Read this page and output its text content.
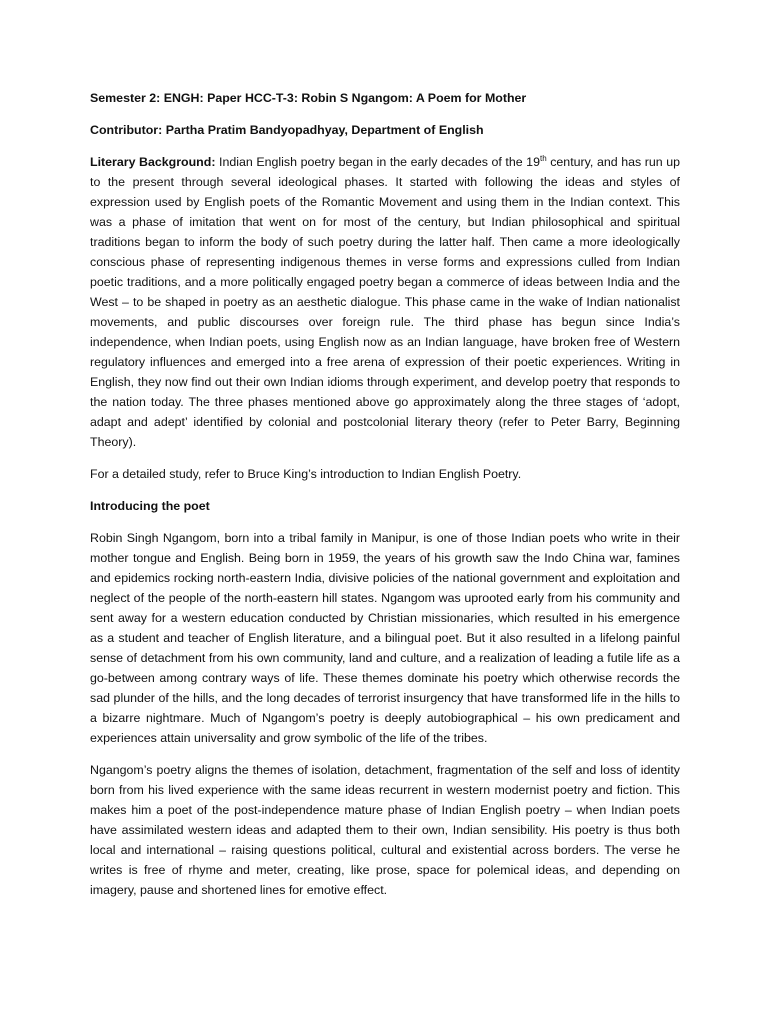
Semester 2: ENGH: Paper HCC-T-3: Robin S Ngangom: A Poem for Mother

Contributor: Partha Pratim Bandyopadhyay, Department of English

Literary Background: Indian English poetry began in the early decades of the 19th century, and has run up to the present through several ideological phases. It started with following the ideas and styles of expression used by English poets of the Romantic Movement and using them in the Indian context. This was a phase of imitation that went on for most of the century, but Indian philosophical and spiritual traditions began to inform the body of such poetry during the latter half. Then came a more ideologically conscious phase of representing indigenous themes in verse forms and expressions culled from Indian poetic traditions, and a more politically engaged poetry began a commerce of ideas between India and the West – to be shaped in poetry as an aesthetic dialogue. This phase came in the wake of Indian nationalist movements, and public discourses over foreign rule. The third phase has begun since India’s independence, when Indian poets, using English now as an Indian language, have broken free of Western regulatory influences and emerged into a free arena of expression of their poetic experiences. Writing in English, they now find out their own Indian idioms through experiment, and develop poetry that responds to the nation today. The three phases mentioned above go approximately along the three stages of ‘adopt, adapt and adept’ identified by colonial and postcolonial literary theory (refer to Peter Barry, Beginning Theory).

For a detailed study, refer to Bruce King’s introduction to Indian English Poetry.

Introducing the poet

Robin Singh Ngangom, born into a tribal family in Manipur, is one of those Indian poets who write in their mother tongue and English. Being born in 1959, the years of his growth saw the Indo China war, famines and epidemics rocking north-eastern India, divisive policies of the national government and exploitation and neglect of the people of the north-eastern hill states. Ngangom was uprooted early from his community and sent away for a western education conducted by Christian missionaries, which resulted in his emergence as a student and teacher of English literature, and a bilingual poet. But it also resulted in a lifelong painful sense of detachment from his own community, land and culture, and a realization of leading a futile life as a go-between among contrary ways of life. These themes dominate his poetry which otherwise records the sad plunder of the hills, and the long decades of terrorist insurgency that have transformed life in the hills to a bizarre nightmare. Much of Ngangom’s poetry is deeply autobiographical – his own predicament and experiences attain universality and grow symbolic of the life of the tribes.

Ngangom’s poetry aligns the themes of isolation, detachment, fragmentation of the self and loss of identity born from his lived experience with the same ideas recurrent in western modernist poetry and fiction. This makes him a poet of the post-independence mature phase of Indian English poetry – when Indian poets have assimilated western ideas and adapted them to their own, Indian sensibility. His poetry is thus both local and international – raising questions political, cultural and existential across borders. The verse he writes is free of rhyme and meter, creating, like prose, space for polemical ideas, and depending on imagery, pause and shortened lines for emotive effect.
